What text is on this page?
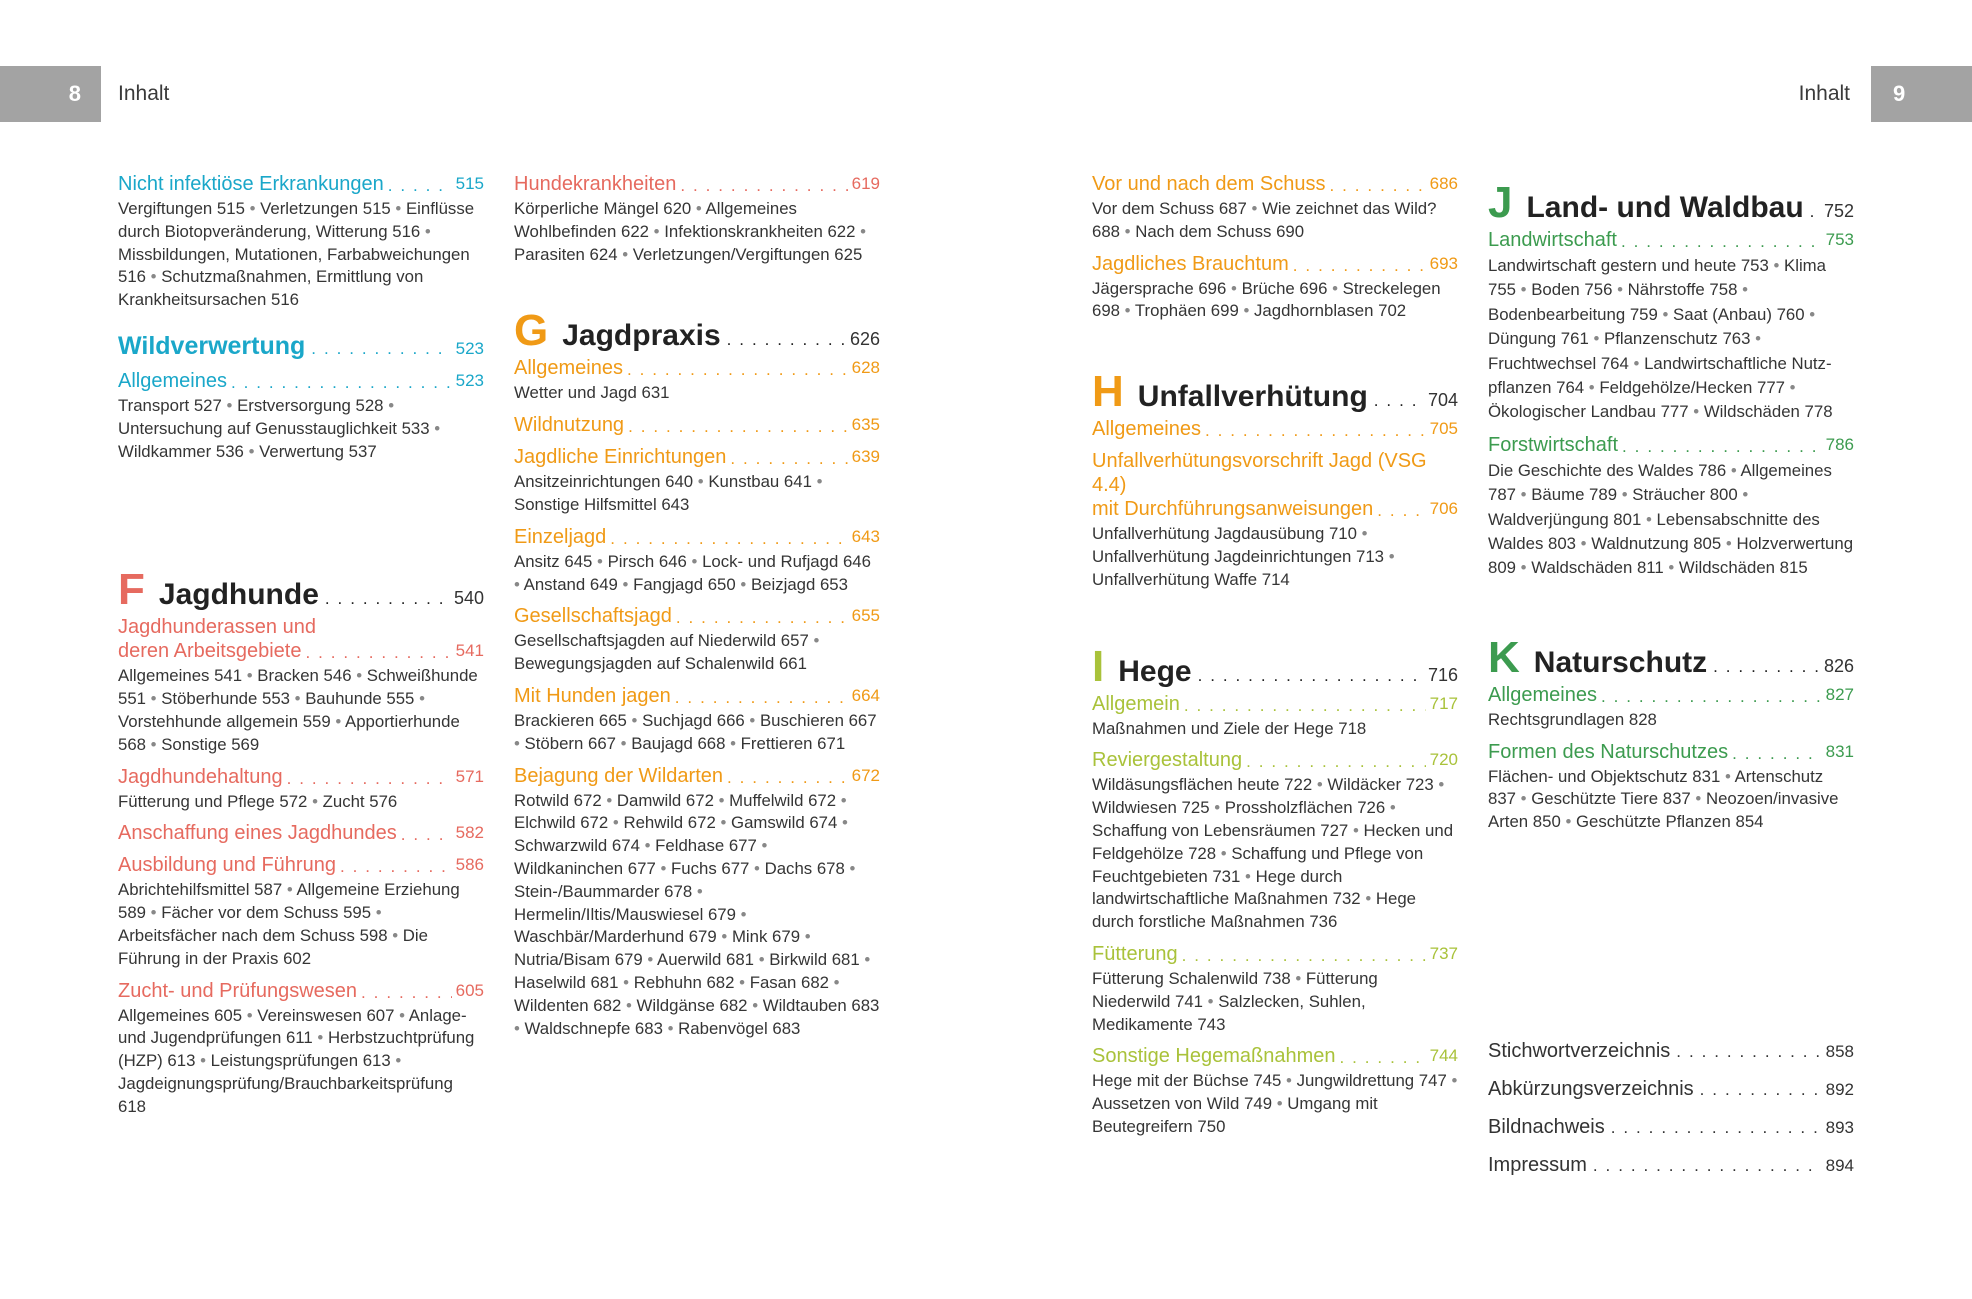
8 Inhalt	Inhalt 9
Nicht infektiöse Erkrankungen . . .	515
Vergiftungen 515 • Verletzungen 515 • Einflüsse durch Biotopveränderung, Witterung 516 • Missbildungen, Mutationen, Farbabweichungen 516 • Schutzmaßnahmen, Ermittlung von Krankheitsursachen 516
Wildverwertung . . .	523
Allgemeines . . .	523
Transport 527 • Erstversorgung 528 • Untersuchung auf Genusstauglichkeit 533 • Wildkammer 536 • Verwertung 537
F Jagdhunde . . .	540
Jagdhunderassen und
deren Arbeitsgebiete . . .	541
Allgemeines 541 • Bracken 546 • Schweißhunde 551 • Stöberhunde 553 • Bauhunde 555 • Vorstehhunde allgemein 559 • Apportierhunde 568 • Sonstige 569
Jagdhundehaltung . . .	571
Fütterung und Pflege 572 • Zucht 576
Anschaffung eines Jagdhundes . . .	582
Ausbildung und Führung . . .	586
Abrichtehilfsmittel 587 • Allgemeine Erziehung 589 • Fächer vor dem Schuss 595 • Arbeitsfächer nach dem Schuss 598 • Die Führung in der Praxis 602
Zucht- und Prüfungswesen . . .	605
Allgemeines 605 • Vereinswesen 607 • Anlage- und Jugendprüfungen 611 • Herbstzuchtprüfung (HZP) 613 • Leistungsprüfungen 613 • Jagdeignungsprüfung/Brauchbarkeitsprüfung 618
Hundekrankheiten . . .	619
Körperliche Mängel 620 • Allgemeines Wohlbefinden 622 • Infektionskrankheiten 622 • Parasiten 624 • Verletzungen/Vergiftungen 625
G Jagdpraxis . . .	626
Allgemeines . . .	628
Wetter und Jagd 631
Wildnutzung . . .	635
Jagdliche Einrichtungen . . .	639
Ansitzeinrichtungen 640 • Kunstbau 641 • Sonstige Hilfsmittel 643
Einzeljagd . . .	643
Ansitz 645 • Pirsch 646 • Lock- und Rufjagd 646 • Anstand 649 • Fangjagd 650 • Beizjagd 653
Gesellschaftsjagd . . .	655
Gesellschaftsjagden auf Niederwild 657 • Bewegungsjagden auf Schalenwild 661
Mit Hunden jagen . . .	664
Brackieren 665 • Suchjagd 666 • Buschieren 667 • Stöbern 667 • Baujagd 668 • Frettieren 671
Bejagung der Wildarten . . .	672
Rotwild 672 • Damwild 672 • Muffelwild 672 • Elchwild 672 • Rehwild 672 • Gamswild 674 • Schwarzwild 674 • Feldhase 677 • Wildkaninchen 677 • Fuchs 677 • Dachs 678 • Stein-/Baummarder 678 • Hermelin/Iltis/Mauswiesel 679 • Waschbär/Marderhund 679 • Mink 679 • Nutria/Bisam 679 • Auerwild 681 • Birkwild 681 • Haselwild 681 • Rebhuhn 682 • Fasan 682 • Wildenten 682 • Wildgänse 682 • Wildtauben 683 • Waldschnepfe 683 • Rabenvögel 683
Vor und nach dem Schuss . . .	686
Vor dem Schuss 687 • Wie zeichnet das Wild? 688 • Nach dem Schuss 690
Jagdliches Brauchtum . . .	693
Jägersprache 696 • Brüche 696 • Streckelegen 698 • Trophäen 699 • Jagdhornblasen 702
H Unfallverhütung . . .	704
Allgemeines . . .	705
Unfallverhütungsvorschrift Jagd (VSG 4.4)
mit Durchführungsanweisungen . . .	706
Unfallverhütung Jagdausübung 710 • Unfallverhütung Jagdeinrichtungen 713 • Unfallverhütung Waffe 714
I Hege . . .	716
Allgemein . . .	717
Maßnahmen und Ziele der Hege 718
Reviergestaltung . . .	720
Wildäsungsflächen heute 722 • Wildäcker 723 • Wildwiesen 725 • Prossholzflächen 726 • Schaffung von Lebensräumen 727 • Hecken und Feldgehölze 728 • Schaffung und Pflege von Feuchtgebieten 731 • Hege durch landwirtschaftliche Maßnahmen 732 • Hege durch forstliche Maßnahmen 736
Fütterung . . .	737
Fütterung Schalenwild 738 • Fütterung Niederwild 741 • Salzlecken, Suhlen, Medikamente 743
Sonstige Hegemaßnahmen . . .	744
Hege mit der Büchse 745 • Jungwildrettung 747 • Aussetzen von Wild 749 • Umgang mit Beutegreifern 750
J Land- und Waldbau . . . 752
Landwirtschaft . . .	753
Landwirtschaft gestern und heute 753 • Klima 755 • Boden 756 • Nährstoffe 758 • Bodenbearbeitung 759 • Saat (Anbau) 760 • Düngung 761 • Pflanzenschutz 763 • Fruchtwechsel 764 • Landwirtschaftliche Nutzpflanzen 764 • Feldgehölze/Hecken 777 • Ökologischer Landbau 777 • Wildschäden 778
Forstwirtschaft . . .	786
Die Geschichte des Waldes 786 • Allgemeines 787 • Bäume 789 • Sträucher 800 • Waldverjüngung 801 • Lebensabschnitte des Waldes 803 • Waldnutzung 805 • Holzverwertung 809 • Waldschäden 811 • Wildschäden 815
K Naturschutz . . .	826
Allgemeines . . .	827
Rechtsgrundlagen 828
Formen des Naturschutzes . . .	831
Flächen- und Objektschutz 831 • Artenschutz 837 • Geschützte Tiere 837 • Neozoen/invasive Arten 850 • Geschützte Pflanzen 854
Stichwortverzeichnis . . .	858
Abkürzungsverzeichnis . . .	892
Bildnachweis . . .	893
Impressum . . .	894
